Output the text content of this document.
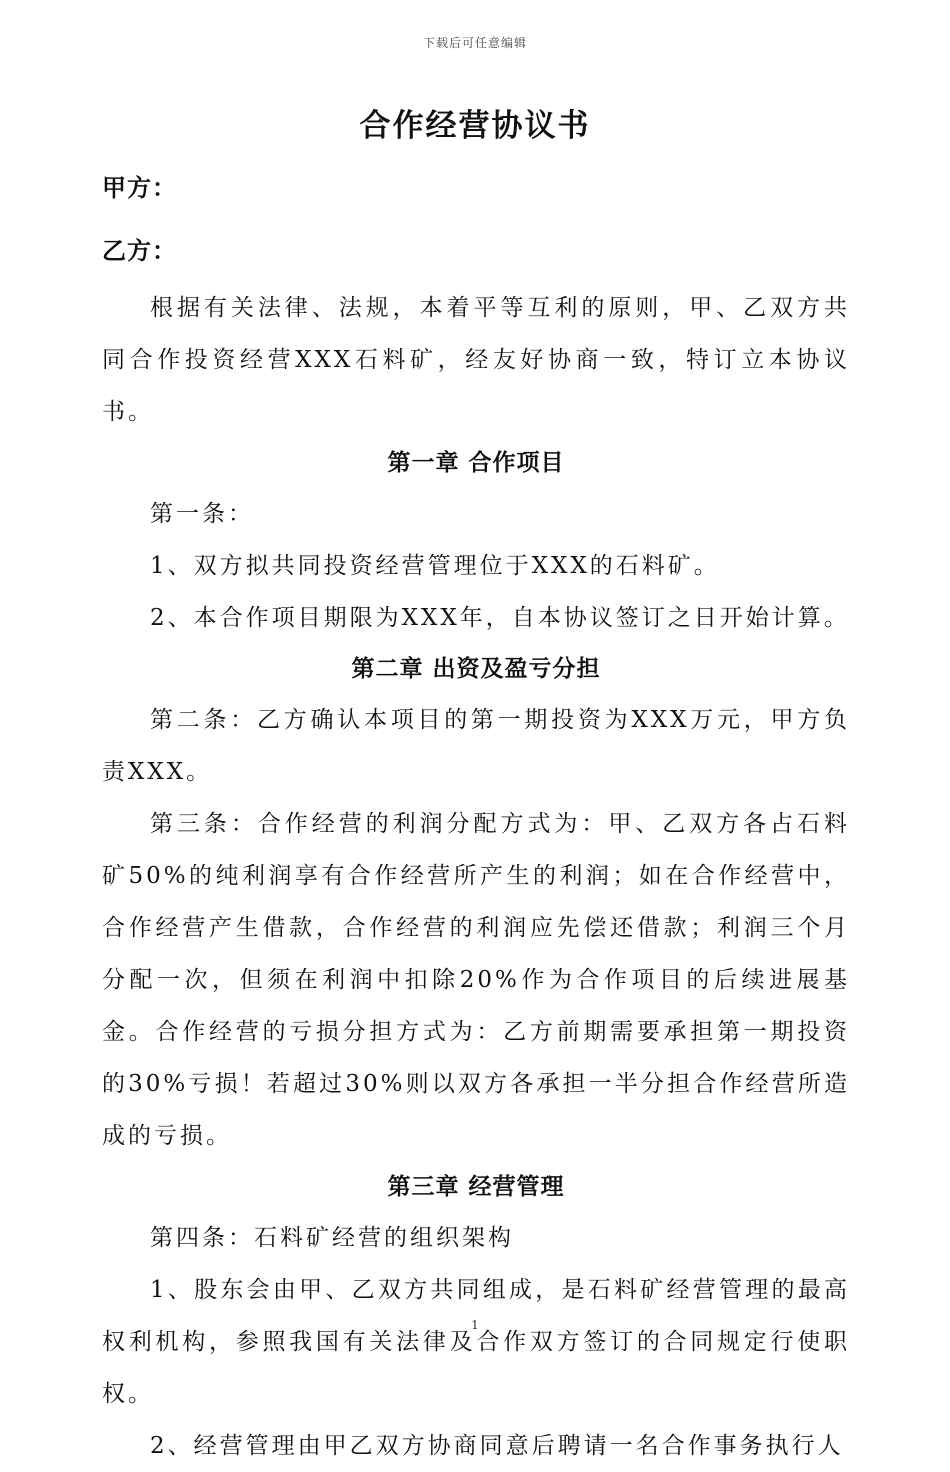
下载后可任意编辑
合作经营协议书
甲方：
乙方：

根据有关法律、法规，本着平等互利的原则，甲、乙双方共同合作投资经营XXX石料矿，经友好协商一致，特订立本协议书。

第一章 合作项目

第一条：

1、双方拟共同投资经营管理位于XXX的石料矿。

2、本合作项目期限为XXX年，自本协议签订之日开始计算。

第二章 出资及盈亏分担

第二条：乙方确认本项目的第一期投资为XXX万元，甲方负责XXX。

第三条：合作经营的利润分配方式为：甲、乙双方各占石料矿50%的纯利润享有合作经营所产生的利润；如在合作经营中，合作经营产生借款，合作经营的利润应先偿还借款；利润三个月分配一次，但须在利润中扣除20%作为合作项目的后续进展基金。合作经营的亏损分担方式为：乙方前期需要承担第一期投资的30%亏损！若超过30%则以双方各承担一半分担合作经营所造成的亏损。

第三章 经营管理

第四条：石料矿经营的组织架构

1、股东会由甲、乙双方共同组成，是石料矿经营管理的最高权利机构，参照我国有关法律及合作双方签订的合同规定行使职权。

2、经营管理由甲乙双方协商同意后聘请一名合作事务执行人

1
